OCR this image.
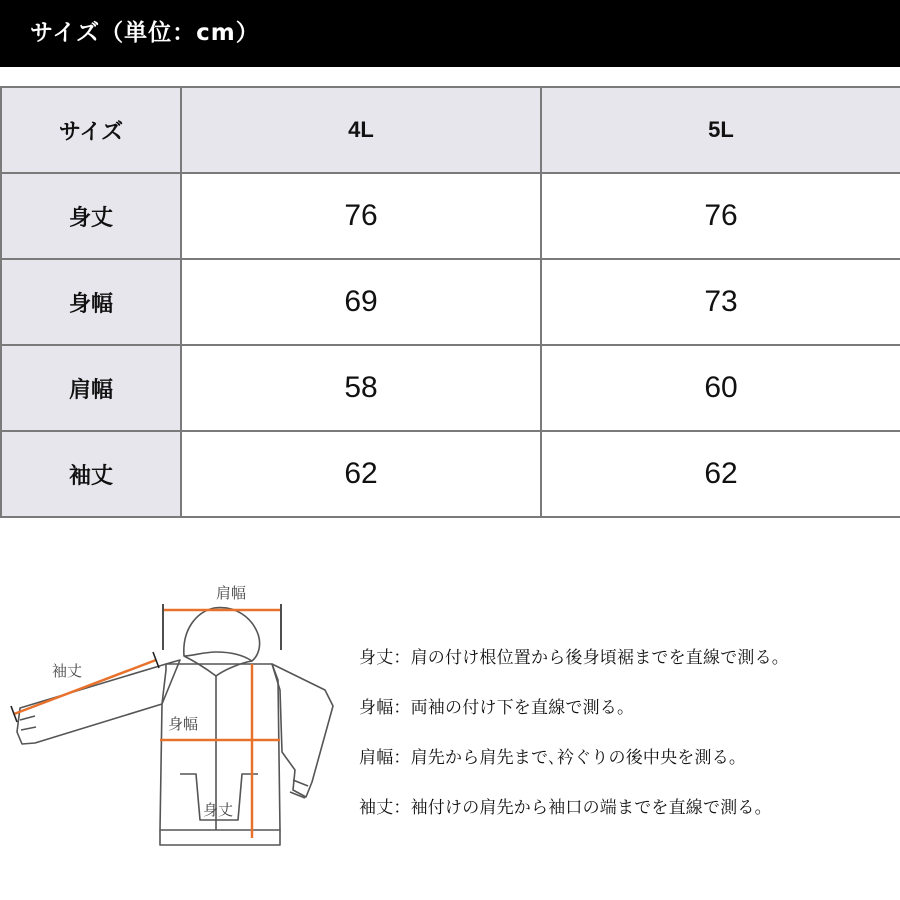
サイズ（単位：cm）
サイズ	4L	5L
身丈	76	76
身幅	69	73
肩幅	58	60
袖丈	62	62
肩幅
袖丈
身幅
身丈
身丈：肩の付け根位置から後身頃裾までを直線で測る。
身幅：両袖の付け下を直線で測る。
肩幅：肩先から肩先まで､衿ぐりの後中央を測る。
袖丈：袖付けの肩先から袖口の端までを直線で測る。
